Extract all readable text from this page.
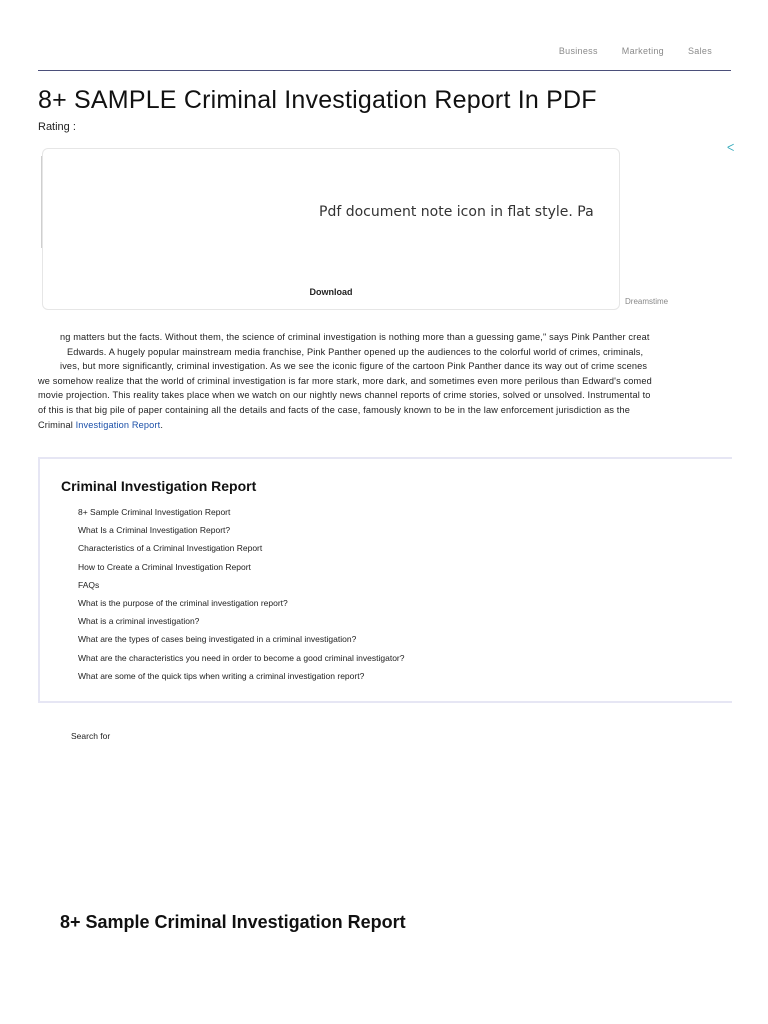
Business	Marketing	Sales
8+ SAMPLE Criminal Investigation Report In PDF
Rating :
Pdf document note icon in flat style. Pa
Download
Dreamstime
ᐸ
ng matters but the facts. Without them, the science of criminal investigation is nothing more than a guessing game," says Pink Panther creat
Edwards. A hugely popular mainstream media franchise, Pink Panther opened up the audiences to the colorful world of crimes, criminals,
ives, but more significantly, criminal investigation. As we see the iconic figure of the cartoon Pink Panther dance its way out of crime scenes
we somehow realize that the world of criminal investigation is far more stark, more dark, and sometimes even more perilous than Edward's comed
movie projection. This reality takes place when we watch on our nightly news channel reports of crime stories, solved or unsolved. Instrumental to
of this is that big pile of paper containing all the details and facts of the case, famously known to be in the law enforcement jurisdiction as the
Criminal Investigation Report.
Criminal Investigation Report
8+ Sample Criminal Investigation Report
What Is a Criminal Investigation Report?
Characteristics of a Criminal Investigation Report
How to Create a Criminal Investigation Report
FAQs
What is the purpose of the criminal investigation report?
What is a criminal investigation?
What are the types of cases being investigated in a criminal investigation?
What are the characteristics you need in order to become a good criminal investigator?
What are some of the quick tips when writing a criminal investigation report?
Search for
8+ Sample Criminal Investigation Report
